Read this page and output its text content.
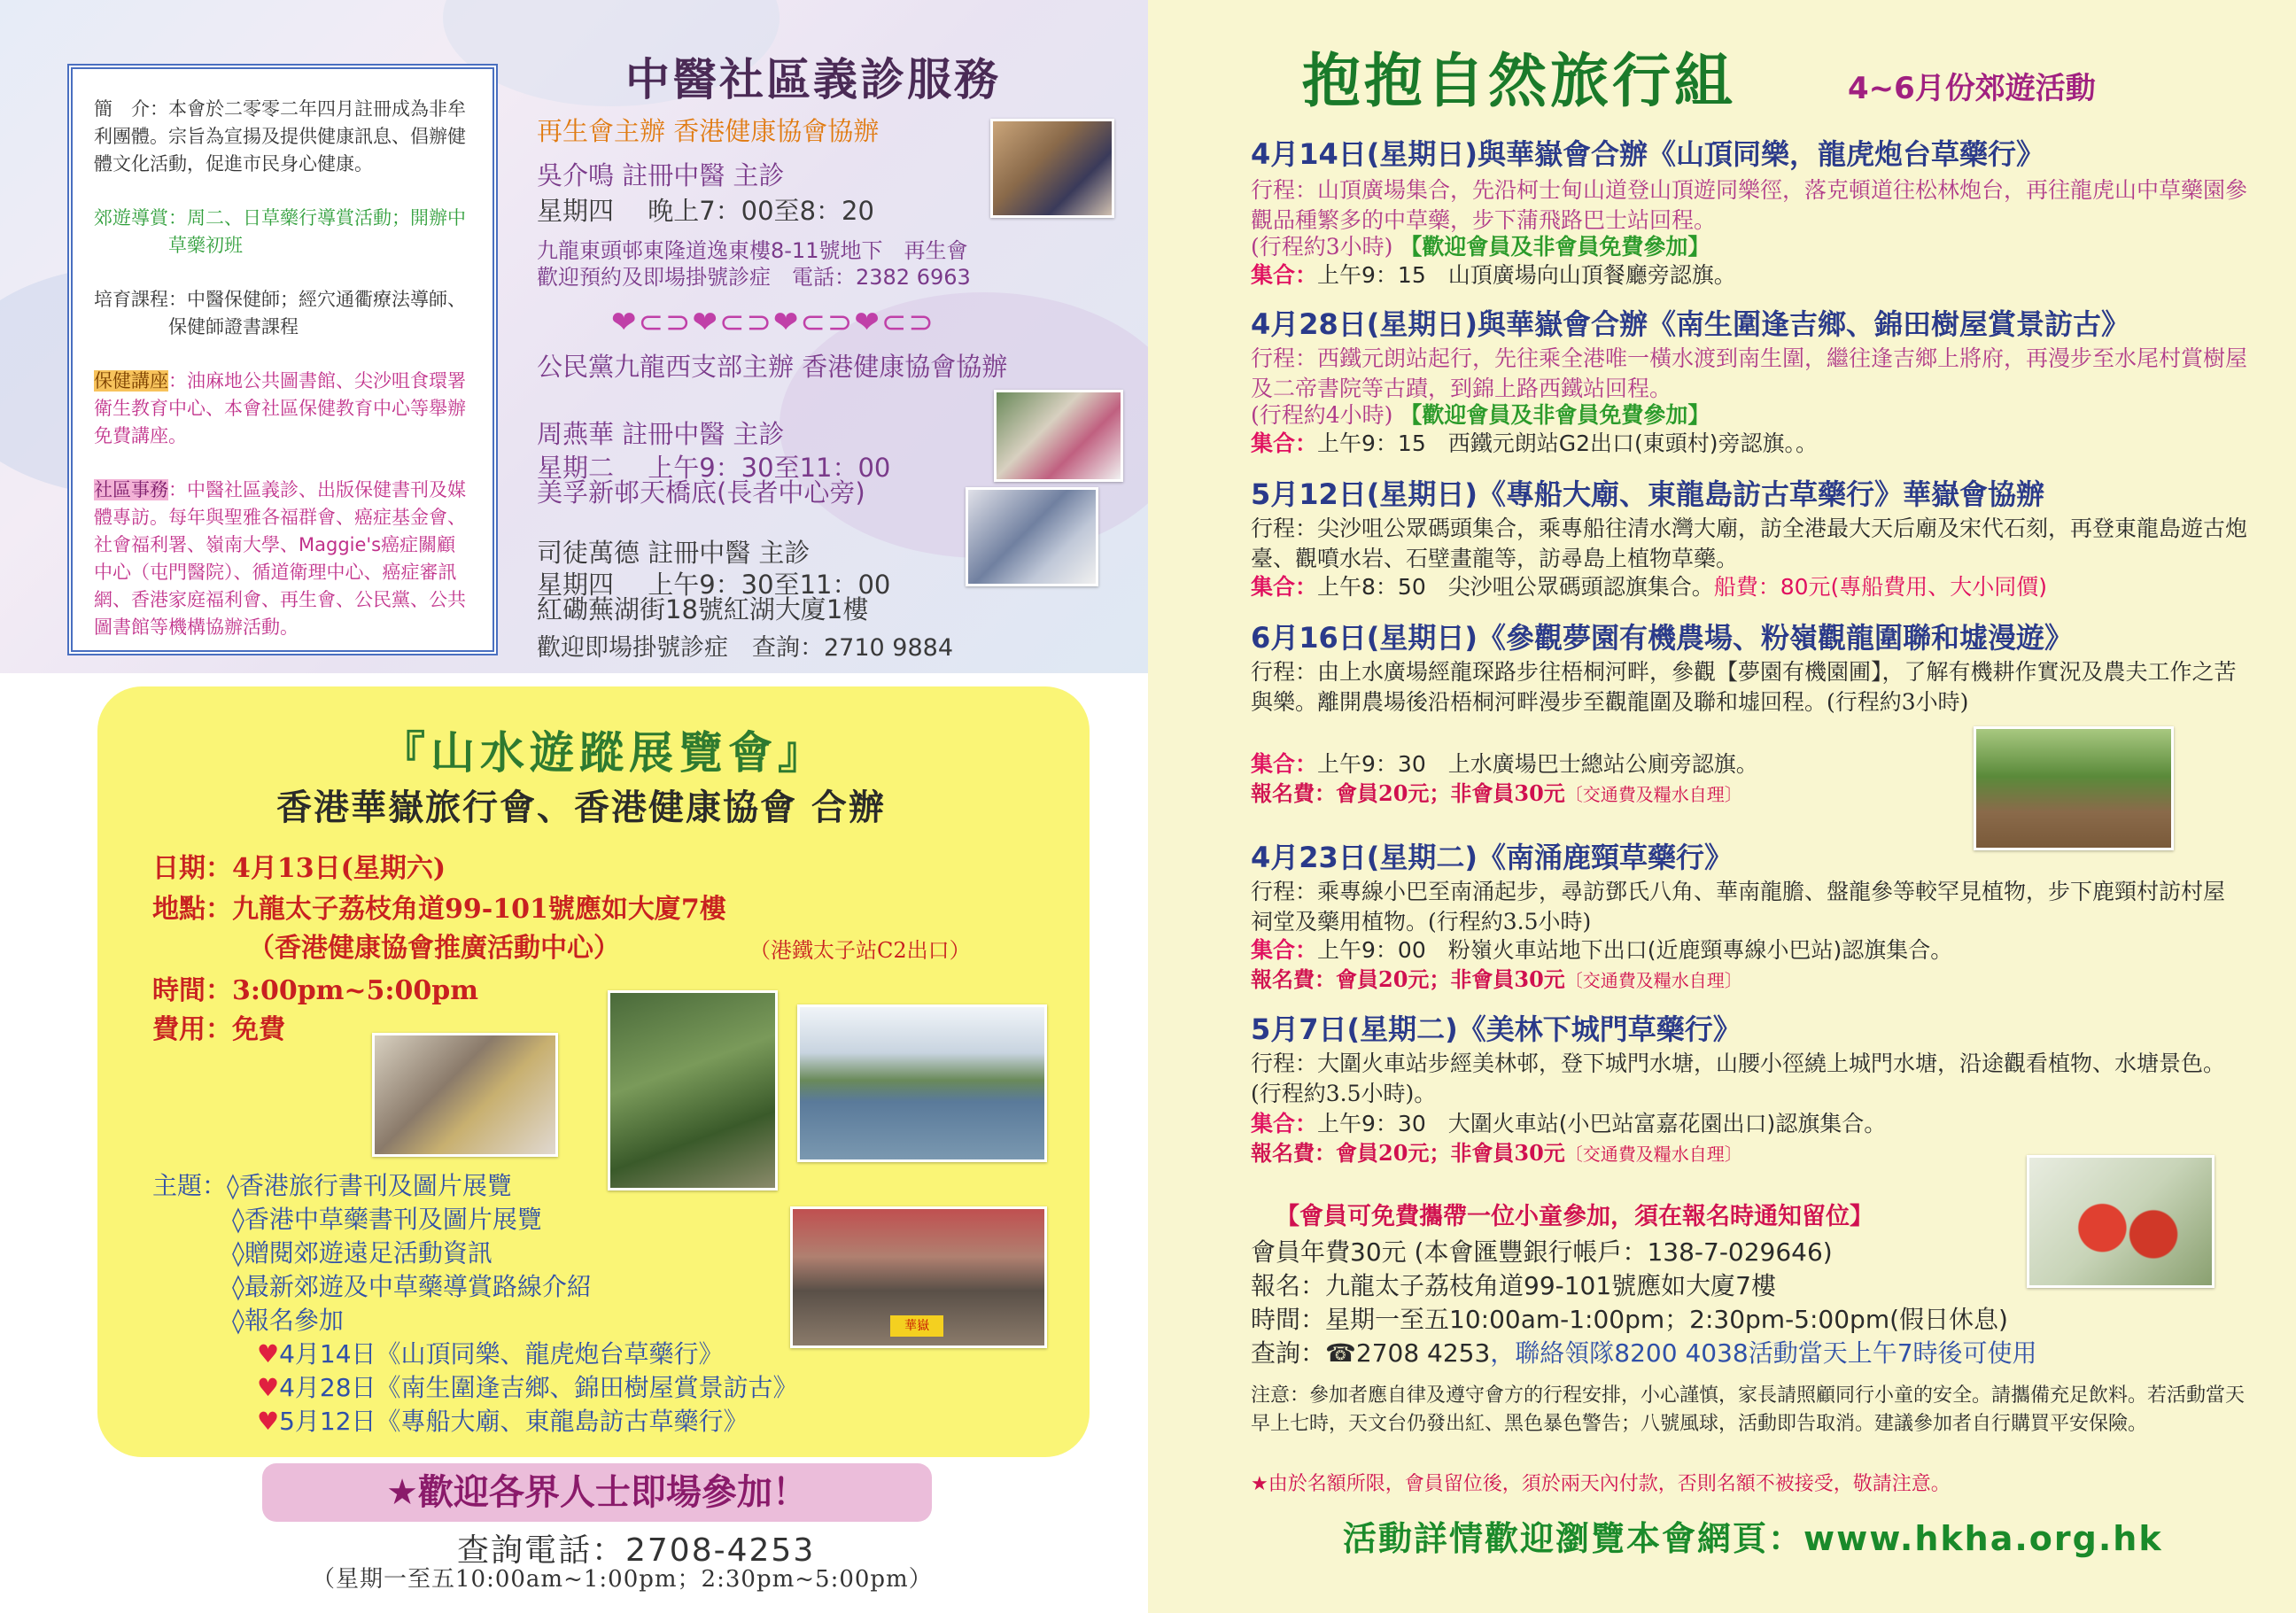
簡　介：本會於二零零二年四月註冊成為非牟利團體。宗旨為宣揚及提供健康訊息、倡辦健體文化活動，促進市民身心健康。
郊遊導賞 ：周二、日草藥行導賞活動；開辦中草藥初班
培育課程 ：中醫保健師；經穴通衢療法導師、保健師證書課程
保健講座：油麻地公共圖書館、尖沙咀食環署衛生教育中心、本會社區保健教育中心等舉辦免費講座。
社區事務：中醫社區義診、出版保健書刊及媒體專訪。每年與聖雅各福群會、癌症基金會、社會福利署、嶺南大學、Maggie's癌症關顧中心（屯門醫院）、循道衛理中心、癌症審訊網、香港家庭福利會、再生會、公民黨、公共圖書館等機構協辦活動。
中醫社區義診服務
再生會主辦 香港健康協會協辦
吳介鳴 註冊中醫 主診
星期四　 晚上7：00至8：20
九龍東頭邨東隆道逸東樓8-11號地下　再生會
歡迎預約及即場掛號診症　電話：2382 6963
❤⊂⊃❤⊂⊃❤⊂⊃❤⊂⊃
公民黨九龍西支部主辦 香港健康協會協辦
周燕華 註冊中醫 主診
星期二　 上午9：30至11：00
美孚新邨天橋底(長者中心旁)
司徒萬德 註冊中醫 主診
星期四　 上午9：30至11：00
紅磡蕪湖街18號紅湖大廈1樓
歡迎即場掛號診症　查詢：2710 9884
『山水遊蹤展覽會』
香港華嶽旅行會、香港健康協會 合辦
日期：4月13日(星期六)
地點：九龍太子荔枝角道99-101號應如大廈7樓
（香港健康協會推廣活動中心）	（港鐵太子站C2出口）
時間：3:00pm~5:00pm
費用：免費
華嶽
主題：◊香港旅行書刊及圖片展覽
◊香港中草藥書刊及圖片展覽
◊贈閱郊遊遠足活動資訊
◊最新郊遊及中草藥導賞路線介紹
◊報名參加
♥4月14日《山頂同樂、龍虎炮台草藥行》
♥4月28日《南生圍逢吉鄉、錦田樹屋賞景訪古》
♥5月12日《專船大廟、東龍島訪古草藥行》
★歡迎各界人士即場參加！
查詢電話：2708-4253
（星期一至五10:00am~1:00pm；2:30pm~5:00pm）
抱抱自然旅行組	4~6月份郊遊活動
4月14日(星期日)與華嶽會合辦《山頂同樂，龍虎炮台草藥行》
行程：山頂廣場集合，先沿柯士甸山道登山頂遊同樂徑，落克頓道往松林炮台，再往龍虎山中草藥園參觀品種繁多的中草藥，步下蒲飛路巴士站回程。
(行程約3小時) 【歡迎會員及非會員免費參加】
集合：上午9：15　山頂廣場向山頂餐廳旁認旗。
4月28日(星期日)與華嶽會合辦《南生圍逢吉鄉、錦田樹屋賞景訪古》
行程：西鐵元朗站起行，先往乘全港唯一橫水渡到南生圍，繼往逢吉鄉上將府，再漫步至水尾村賞樹屋及二帝書院等古蹟，到錦上路西鐵站回程。
(行程約4小時) 【歡迎會員及非會員免費參加】
集合：上午9：15　西鐵元朗站G2出口(東頭村)旁認旗。。
5月12日(星期日)《專船大廟、東龍島訪古草藥行》華嶽會協辦
行程：尖沙咀公眾碼頭集合，乘專船往清水灣大廟，訪全港最大天后廟及宋代石刻，再登東龍島遊古炮臺、觀噴水岩、石壁畫龍等，訪尋島上植物草藥。
集合：上午8：50　尖沙咀公眾碼頭認旗集合。船費：80元(專船費用、大小同價)
6月16日(星期日)《參觀夢園有機農場、粉嶺觀龍圍聯和墟漫遊》
行程：由上水廣場經龍琛路步往梧桐河畔，參觀【夢園有機園圃】，了解有機耕作實況及農夫工作之苦與樂。離開農場後沿梧桐河畔漫步至觀龍圍及聯和墟回程。(行程約3小時)
集合：上午9：30　上水廣場巴士總站公廁旁認旗。
報名費：會員20元；非會員30元〔交通費及糧水自理〕
4月23日(星期二)《南涌鹿頸草藥行》
行程：乘專線小巴至南涌起步，尋訪鄧氏八角、華南龍膽、盤龍參等較罕見植物，步下鹿頸村訪村屋祠堂及藥用植物。(行程約3.5小時)
集合：上午9：00　粉嶺火車站地下出口(近鹿頸專線小巴站)認旗集合。
報名費：會員20元；非會員30元〔交通費及糧水自理〕
5月7日(星期二)《美林下城門草藥行》
行程：大圍火車站步經美林邨，登下城門水塘，山腰小徑繞上城門水塘，沿途觀看植物、水塘景色。(行程約3.5小時)。
集合：上午9：30　大圍火車站(小巴站富嘉花園出口)認旗集合。
報名費：會員20元；非會員30元〔交通費及糧水自理〕
【會員可免費攜帶一位小童參加，須在報名時通知留位】
會員年費30元 (本會匯豐銀行帳戶：138-7-029646)
報名：九龍太子荔枝角道99-101號應如大廈7樓
時間：星期一至五10:00am-1:00pm；2:30pm-5:00pm(假日休息)
查詢：☎2708 4253，聯絡領隊8200 4038活動當天上午7時後可使用
注意：參加者應自律及遵守會方的行程安排，小心謹慎，家長請照顧同行小童的安全。請攜備充足飲料。若活動當天早上七時，天文台仍發出紅、黑色暴色警告；八號風球，活動即告取消。建議參加者自行購買平安保險。
★由於名額所限，會員留位後，須於兩天內付款，否則名額不被接受，敬請注意。
活動詳情歡迎瀏覽本會網頁：www.hkha.org.hk
